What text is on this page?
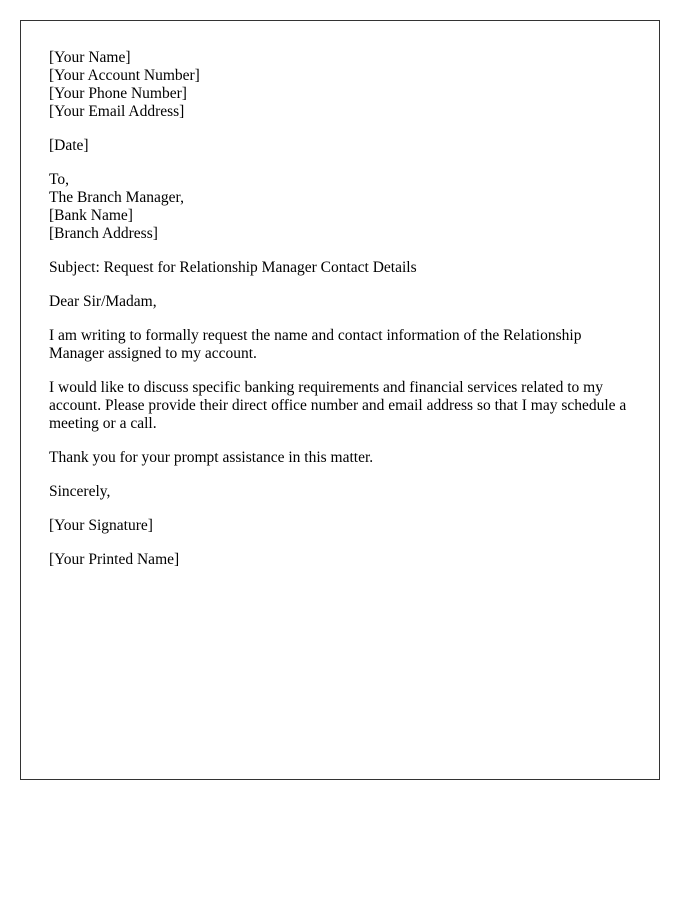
[Your Name]
[Your Account Number]
[Your Phone Number]
[Your Email Address]
[Date]
To,
The Branch Manager,
[Bank Name]
[Branch Address]
Subject: Request for Relationship Manager Contact Details
Dear Sir/Madam,

I am writing to formally request the name and contact information of the Relationship Manager assigned to my account.

I would like to discuss specific banking requirements and financial services related to my account. Please provide their direct office number and email address so that I may schedule a meeting or a call.

Thank you for your prompt assistance in this matter.

Sincerely,
[Your Signature]
[Your Printed Name]
